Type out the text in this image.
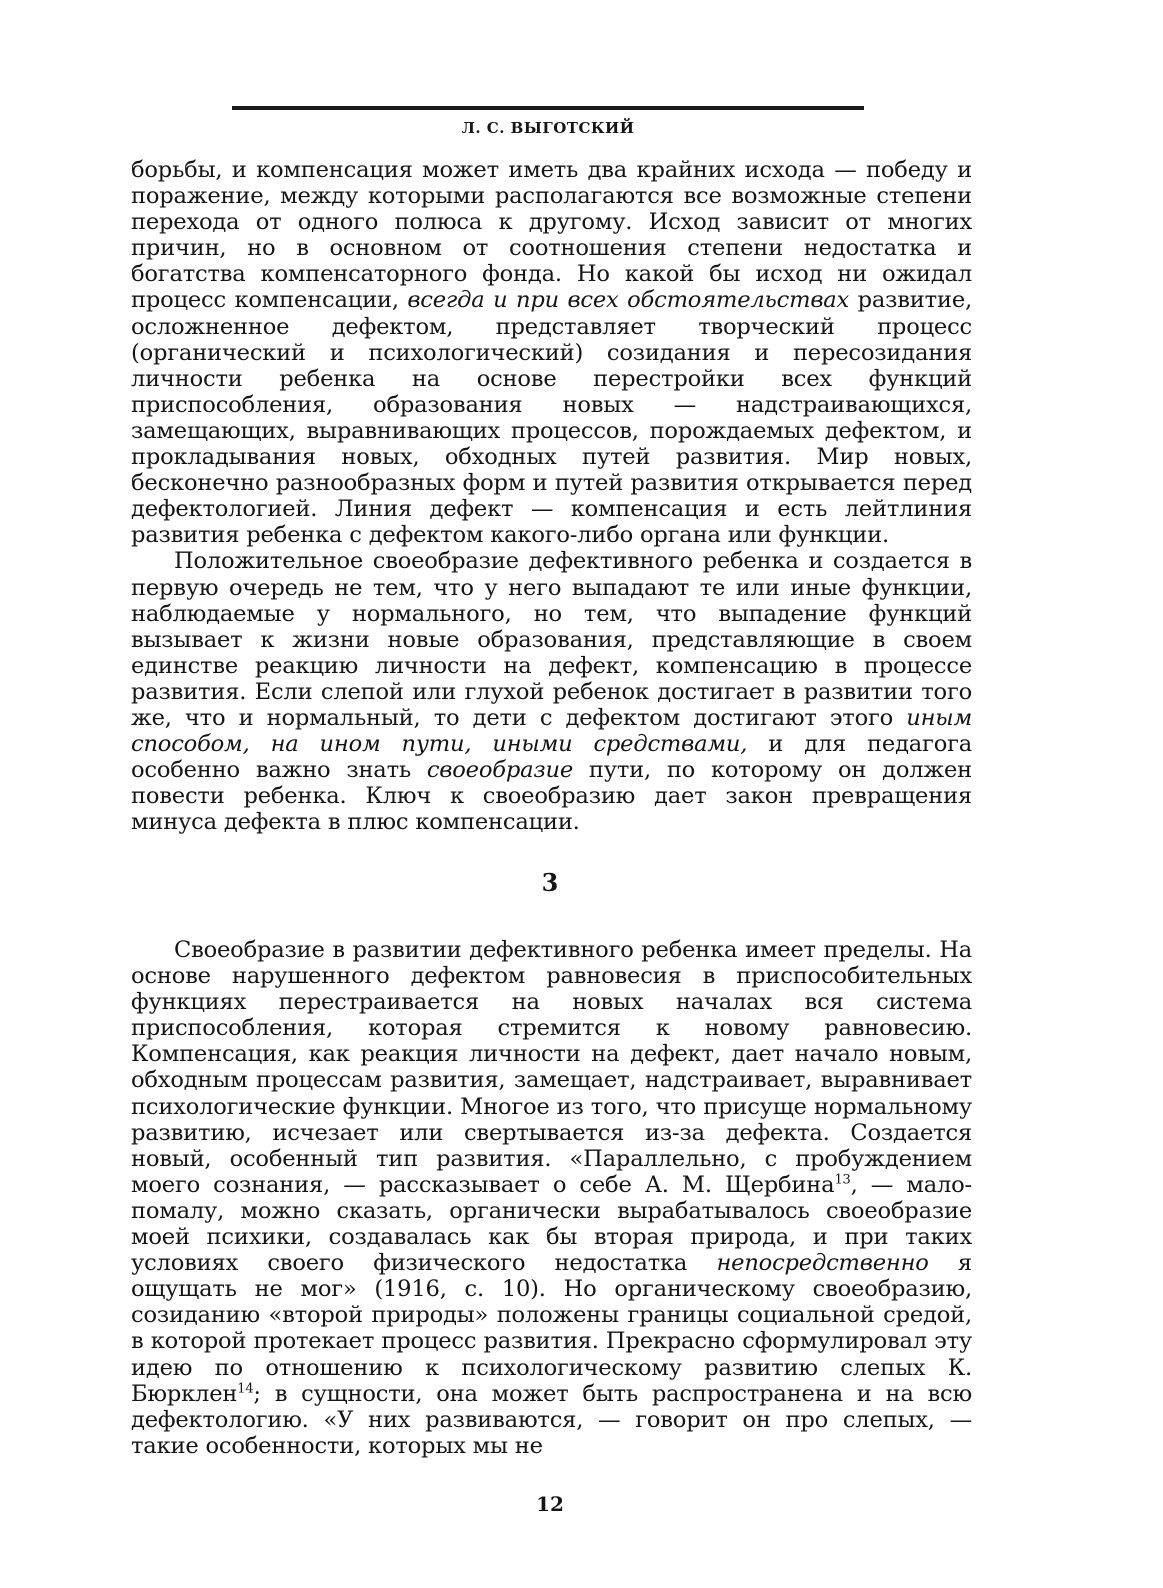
Л. С. ВЫГОТСКИЙ

борьбы, и компенсация может иметь два крайних исхода — победу и поражение, между которыми располагаются все возможные степени перехода от одного полюса к другому. Исход зависит от многих причин, но в основном от соотношения степени недостатка и богатства компенсаторного фонда. Но какой бы исход ни ожидал процесс компенсации, всегда и при всех обстоятельствах развитие, осложненное дефектом, представляет творческий процесс (органический и психологический) созидания и пересозидания личности ребенка на основе перестройки всех функций приспособления, образования новых — надстраивающихся, замещающих, выравнивающих процессов, порождаемых дефектом, и прокладывания новых, обходных путей развития. Мир новых, бесконечно разнообразных форм и путей развития открывается перед дефектологией. Линия дефект — компенсация и есть лейтлиния развития ребенка с дефектом какого-либо органа или функции.

Положительное своеобразие дефективного ребенка и создается в первую очередь не тем, что у него выпадают те или иные функции, наблюдаемые у нормального, но тем, что выпадение функций вызывает к жизни новые образования, представляющие в своем единстве реакцию личности на дефект, компенсацию в процессе развития. Если слепой или глухой ребенок достигает в развитии того же, что и нормальный, то дети с дефектом достигают этого иным способом, на ином пути, иными средствами, и для педагога особенно важно знать своеобразие пути, по которому он должен повести ребенка. Ключ к своеобразию дает закон превращения минуса дефекта в плюс компенсации.

3

Своеобразие в развитии дефективного ребенка имеет пределы. На основе нарушенного дефектом равновесия в приспособительных функциях перестраивается на новых началах вся система приспособления, которая стремится к новому равновесию. Компенсация, как реакция личности на дефект, дает начало новым, обходным процессам развития, замещает, надстраивает, выравнивает психологические функции. Многое из того, что присуще нормальному развитию, исчезает или свертывается из-за дефекта. Создается новый, особенный тип развития. «Параллельно, с пробуждением моего сознания, — рассказывает о себе А. М. Щербина$^{13}$, — мало-помалу, можно сказать, органически вырабатывалось своеобразие моей психики, создавалась как бы вторая природа, и при таких условиях своего физического недостатка непосредственно я ощущать не мог» (1916, с. 10). Но органическому своеобразию, созиданию «второй природы» положены границы социальной средой, в которой протекает процесс развития. Прекрасно сформулировал эту идею по отношению к психологическому развитию слепых К. Бюрклен$^{14}$; в сущности, она может быть распространена и на всю дефектологию. «У них развиваются, — говорит он про слепых, — такие особенности, которых мы не

12
